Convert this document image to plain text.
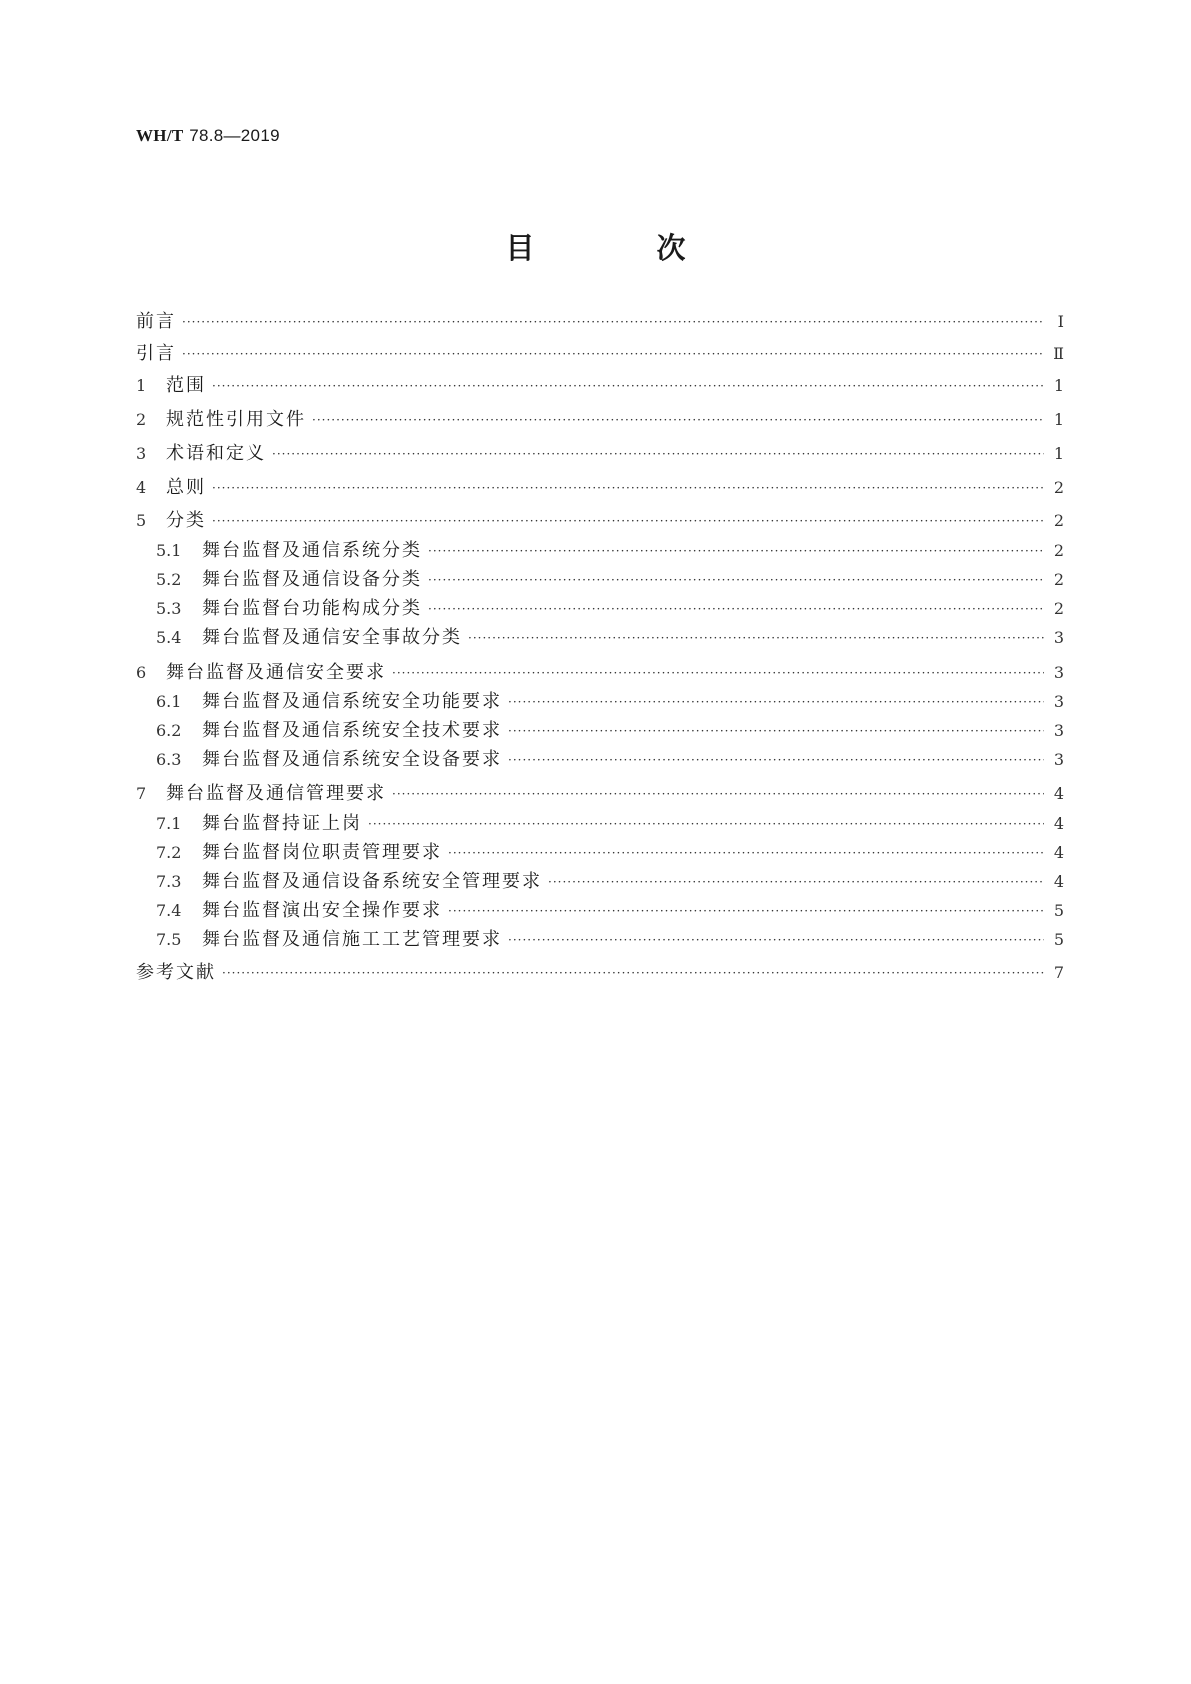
WH/T 78.8—2019
目 次
前言 ·····	Ⅰ
引言 ·····	Ⅱ
1	范围 ·····	1
2	规范性引用文件 ·····	1
3	术语和定义 ·····	1
4	总则 ·····	2
5	分类 ·····	2
5.1	舞台监督及通信系统分类 ·····	2
5.2	舞台监督及通信设备分类 ·····	2
5.3	舞台监督台功能构成分类 ·····	2
5.4	舞台监督及通信安全事故分类 ·····	3
6	舞台监督及通信安全要求 ·····	3
6.1	舞台监督及通信系统安全功能要求 ·····	3
6.2	舞台监督及通信系统安全技术要求 ·····	3
6.3	舞台监督及通信系统安全设备要求 ·····	3
7	舞台监督及通信管理要求 ·····	4
7.1	舞台监督持证上岗 ·····	4
7.2	舞台监督岗位职责管理要求 ·····	4
7.3	舞台监督及通信设备系统安全管理要求 ·····	4
7.4	舞台监督演出安全操作要求 ·····	5
7.5	舞台监督及通信施工工艺管理要求 ·····	5
参考文献 ·····	7
